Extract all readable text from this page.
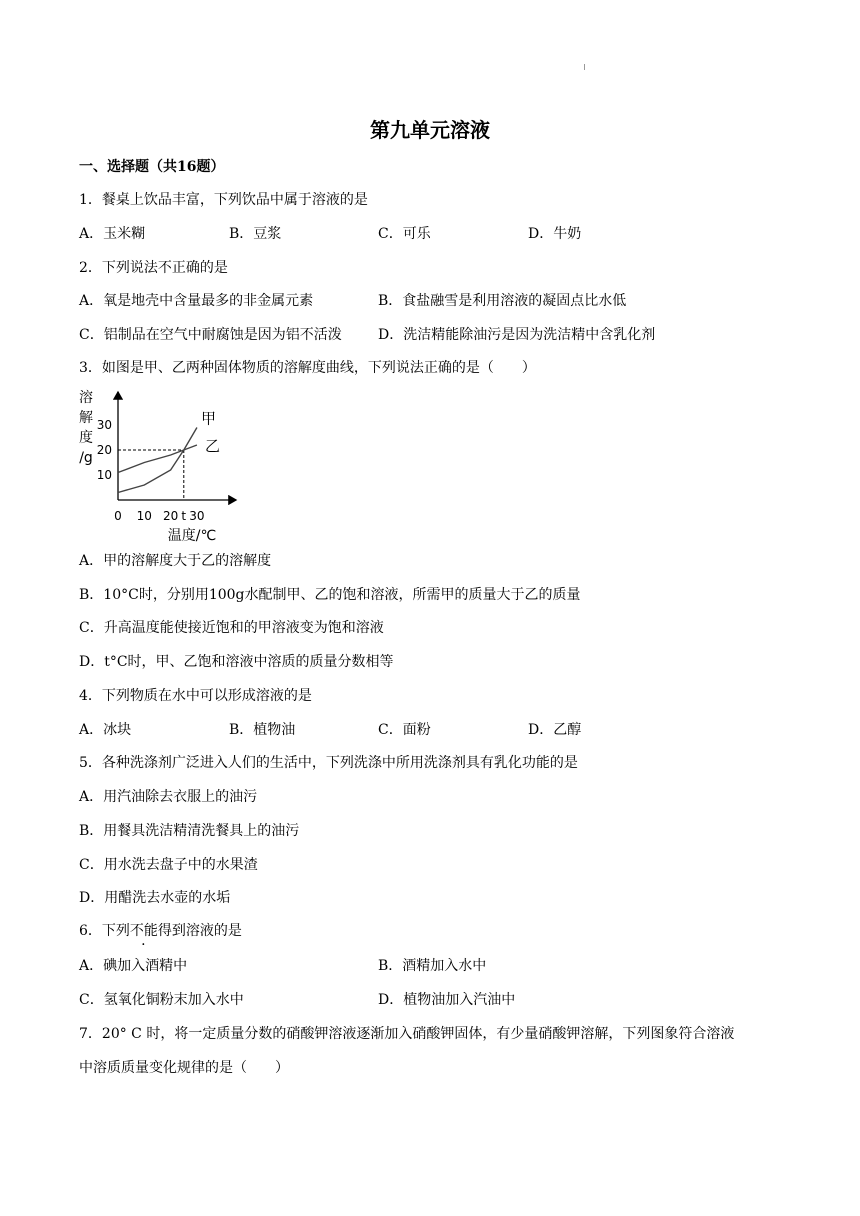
第九单元溶液
一、选择题（共16题）
1．餐桌上饮品丰富，下列饮品中属于溶液的是
A．玉米糊	B．豆浆	C．可乐	D．牛奶
2．下列说法不正确的是
A．氧是地壳中含量最多的非金属元素	B．食盐融雪是利用溶液的凝固点比水低
C．铝制品在空气中耐腐蚀是因为铝不活泼	D．洗洁精能除油污是因为洗洁精中含乳化剂
3．如图是甲、乙两种固体物质的溶解度曲线，下列说法正确的是（　　）
溶
解
度
/g
30
20
10
0 10 20 t 30
甲
乙
温度/℃
A．甲的溶解度大于乙的溶解度
B．10°C时，分别用100g水配制甲、乙的饱和溶液，所需甲的质量大于乙的质量
C．升高温度能使接近饱和的甲溶液变为饱和溶液
D．t°C时，甲、乙饱和溶液中溶质的质量分数相等
4．下列物质在水中可以形成溶液的是
A．冰块	B．植物油	C．面粉	D．乙醇
5．各种洗涤剂广泛进入人们的生活中，下列洗涤中所用洗涤剂具有乳化功能的是
A．用汽油除去衣服上的油污
B．用餐具洗洁精清洗餐具上的油污
C．用水洗去盘子中的水果渣
D．用醋洗去水壶的水垢
6．下列不能得到溶液的是
A．碘加入酒精中	B．酒精加入水中
C．氢氧化铜粉末加入水中	D．植物油加入汽油中
7．20° C 时，将一定质量分数的硝酸钾溶液逐渐加入硝酸钾固体，有少量硝酸钾溶解，下列图象符合溶液
中溶质质量变化规律的是（　　）
